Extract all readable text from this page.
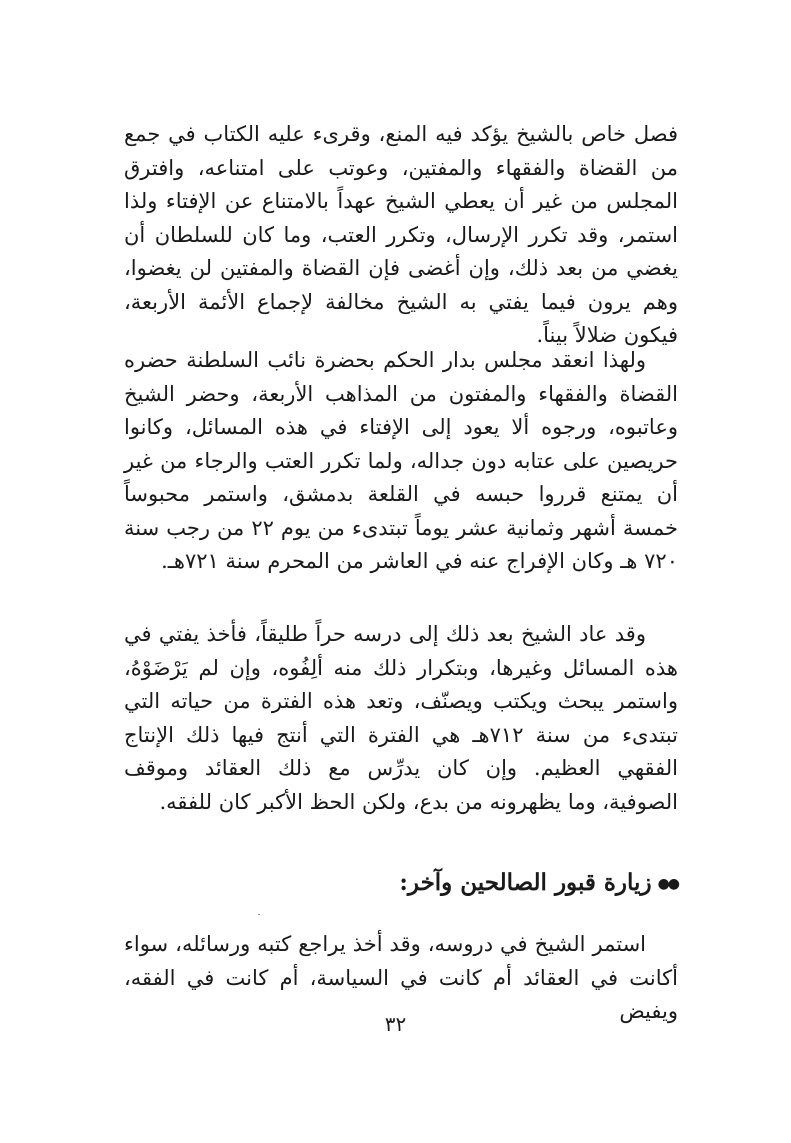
فصل خاص بالشيخ يؤكد فيه المنع، وقرىء عليه الكتاب في جمع من القضاة والفقهاء والمفتين، وعوتب على امتناعه، وافترق المجلس من غير أن يعطي الشيخ عهداً بالامتناع عن الإفتاء ولذا استمر، وقد تكرر الإرسال، وتكرر العتب، وما كان للسلطان أن يغضي من بعد ذلك، وإن أغضى فإن القضاة والمفتين لن يغضوا، وهم يرون فيما يفتي به الشيخ مخالفة لإجماع الأئمة الأربعة، فيكون ضلالاً بيناً.

ولهذا انعقد مجلس بدار الحكم بحضرة نائب السلطنة حضره القضاة والفقهاء والمفتون من المذاهب الأربعة، وحضر الشيخ وعاتبوه، ورجوه ألا يعود إلى الإفتاء في هذه المسائل، وكانوا حريصين على عتابه دون جداله، ولما تكرر العتب والرجاء من غير أن يمتنع قرروا حبسه في القلعة بدمشق، واستمر محبوساً خمسة أشهر وثمانية عشر يوماً تبتدىء من يوم ٢٢ من رجب سنة ٧٢٠ هـ وكان الإفراج عنه في العاشر من المحرم سنة ٧٢١هـ.

وقد عاد الشيخ بعد ذلك إلى درسه حراً طليقاً، فأخذ يفتي في هذه المسائل وغيرها، وبتكرار ذلك منه ألِفُوه، وإن لم يَرْضَوْهُ، واستمر يبحث ويكتب ويصنّف، وتعد هذه الفترة من حياته التي تبتدىء من سنة ٧١٢هـ هي الفترة التي أنتج فيها ذلك الإنتاج الفقهي العظيم. وإن كان يدرِّس مع ذلك العقائد وموقف الصوفية، وما يظهرونه من بدع، ولكن الحظ الأكبر كان للفقه.

●●زيارة قبور الصالحين وآخر:

استمر الشيخ في دروسه، وقد أخذ يراجع كتبه ورسائله، سواء أكانت في العقائد أم كانت في السياسة، أم كانت في الفقه، ويفيض

٣٢
